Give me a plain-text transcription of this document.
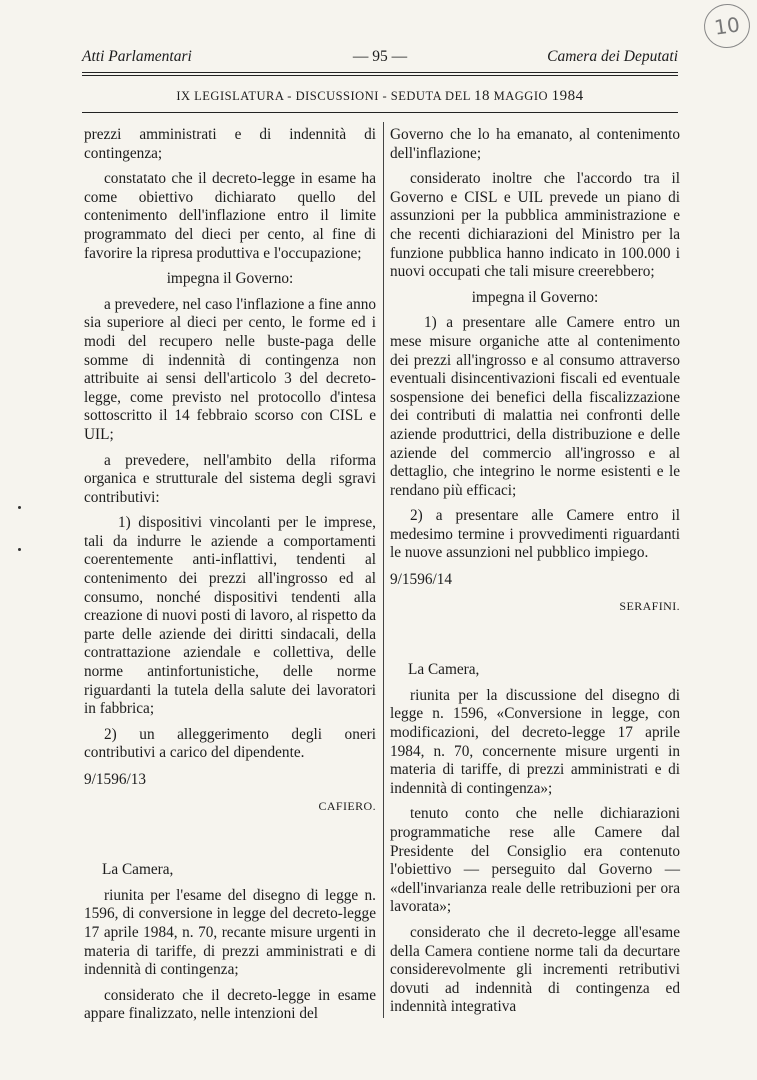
10
Atti Parlamentari	— 95 —	Camera dei Deputati
IX LEGISLATURA - DISCUSSIONI - SEDUTA DEL 18 MAGGIO 1984

prezzi amministrati e di indennità di contingenza;

constatato che il decreto-legge in esame ha come obiettivo dichiarato quello del contenimento dell'inflazione entro il limite programmato del dieci per cento, al fine di favorire la ripresa produttiva e l'occupazione;

impegna il Governo:

a prevedere, nel caso l'inflazione a fine anno sia superiore al dieci per cento, le forme ed i modi del recupero nelle buste-paga delle somme di indennità di contingenza non attribuite ai sensi dell'articolo 3 del decreto-legge, come previsto nel protocollo d'intesa sottoscritto il 14 febbraio scorso con CISL e UIL;

a prevedere, nell'ambito della riforma organica e strutturale del sistema degli sgravi contributivi:

1) dispositivi vincolanti per le imprese, tali da indurre le aziende a comportamenti coerentemente anti-inflattivi, tendenti al contenimento dei prezzi all'ingrosso ed al consumo, nonché dispositivi tendenti alla creazione di nuovi posti di lavoro, al rispetto da parte delle aziende dei diritti sindacali, della contrattazione aziendale e collettiva, delle norme antinfortunistiche, delle norme riguardanti la tutela della salute dei lavoratori in fabbrica;

2) un alleggerimento degli oneri contributivi a carico del dipendente.

9/1596/13

CAFIERO.

La Camera,

riunita per l'esame del disegno di legge n. 1596, di conversione in legge del decreto-legge 17 aprile 1984, n. 70, recante misure urgenti in materia di tariffe, di prezzi amministrati e di indennità di contingenza;

considerato che il decreto-legge in esame appare finalizzato, nelle intenzioni del

Governo che lo ha emanato, al contenimento dell'inflazione;

considerato inoltre che l'accordo tra il Governo e CISL e UIL prevede un piano di assunzioni per la pubblica amministrazione e che recenti dichiarazioni del Ministro per la funzione pubblica hanno indicato in 100.000 i nuovi occupati che tali misure creerebbero;

impegna il Governo:

1) a presentare alle Camere entro un mese misure organiche atte al contenimento dei prezzi all'ingrosso e al consumo attraverso eventuali disincentivazioni fiscali ed eventuale sospensione dei benefici della fiscalizzazione dei contributi di malattia nei confronti delle aziende produttrici, della distribuzione e delle aziende del commercio all'ingrosso e al dettaglio, che integrino le norme esistenti e le rendano più efficaci;

2) a presentare alle Camere entro il medesimo termine i provvedimenti riguardanti le nuove assunzioni nel pubblico impiego.

9/1596/14

SERAFINI.

La Camera,

riunita per la discussione del disegno di legge n. 1596, «Conversione in legge, con modificazioni, del decreto-legge 17 aprile 1984, n. 70, concernente misure urgenti in materia di tariffe, di prezzi amministrati e di indennità di contingenza»;

tenuto conto che nelle dichiarazioni programmatiche rese alle Camere dal Presidente del Consiglio era contenuto l'obiettivo — perseguito dal Governo — «dell'invarianza reale delle retribuzioni per ora lavorata»;

considerato che il decreto-legge all'esame della Camera contiene norme tali da decurtare considerevolmente gli incrementi retributivi dovuti ad indennità di contingenza ed indennità integrativa
